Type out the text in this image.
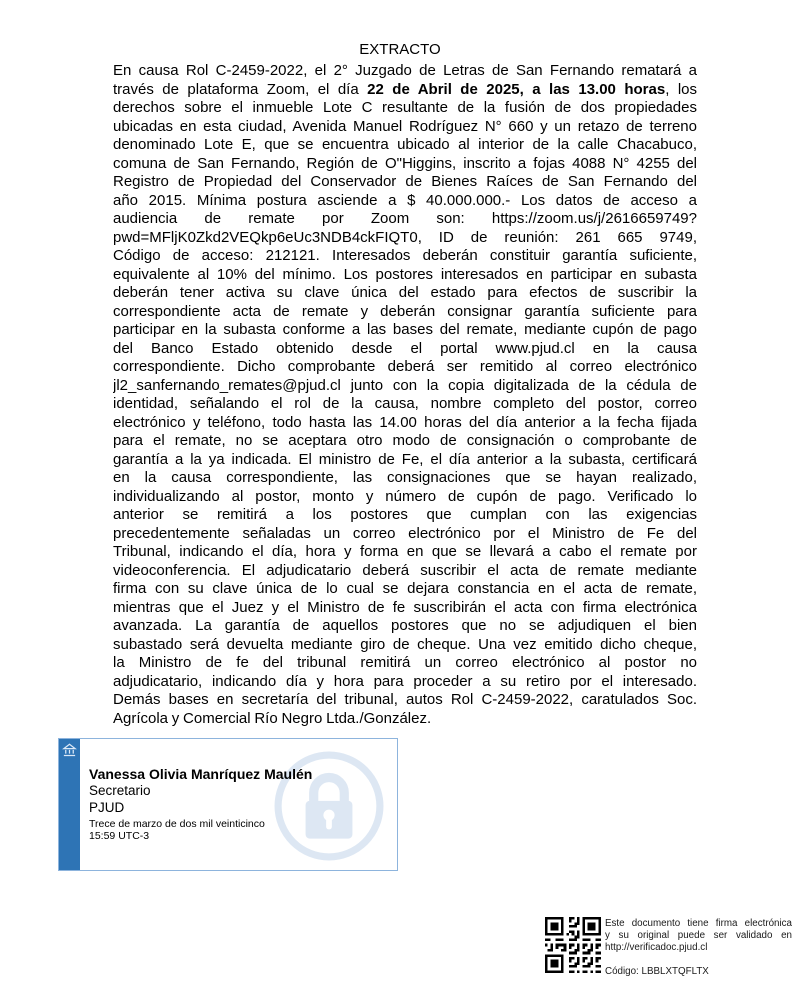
EXTRACTO
En causa Rol C-2459-2022, el 2° Juzgado de Letras de San Fernando rematará a
través de plataforma Zoom, el día 22 de Abril de 2025, a las 13.00 horas, los
derechos sobre el inmueble Lote C resultante de la fusión de dos propiedades
ubicadas en esta ciudad, Avenida Manuel Rodríguez N° 660 y un retazo de terreno
denominado Lote E, que se encuentra ubicado al interior de la calle Chacabuco,
comuna de San Fernando, Región de O"Higgins, inscrito a fojas 4088 N° 4255 del
Registro de Propiedad del Conservador de Bienes Raíces de San Fernando del
año 2015. Mínima postura asciende a $ 40.000.000.- Los datos de acceso a
audiencia de remate por Zoom son: https://zoom.us/j/2616659749?
pwd=MFljK0Zkd2VEQkp6eUc3NDB4ckFIQT0, ID de reunión: 261 665 9749,
Código de acceso: 212121. Interesados deberán constituir garantía suficiente,
equivalente al 10% del mínimo. Los postores interesados en participar en subasta
deberán tener activa su clave única del estado para efectos de suscribir la
correspondiente acta de remate y deberán consignar garantía suficiente para
participar en la subasta conforme a las bases del remate, mediante cupón de pago
del Banco Estado obtenido desde el portal www.pjud.cl en la causa
correspondiente. Dicho comprobante deberá ser remitido al correo electrónico
jl2_sanfernando_remates@pjud.cl junto con la copia digitalizada de la cédula de
identidad, señalando el rol de la causa, nombre completo del postor, correo
electrónico y teléfono, todo hasta las 14.00 horas del día anterior a la fecha fijada
para el remate, no se aceptara otro modo de consignación o comprobante de
garantía a la ya indicada. El ministro de Fe, el día anterior a la subasta, certificará
en la causa correspondiente, las consignaciones que se hayan realizado,
individualizando al postor, monto y número de cupón de pago. Verificado lo
anterior se remitirá a los postores que cumplan con las exigencias
precedentemente señaladas un correo electrónico por el Ministro de Fe del
Tribunal, indicando el día, hora y forma en que se llevará a cabo el remate por
videoconferencia. El adjudicatario deberá suscribir el acta de remate mediante
firma con su clave única de lo cual se dejara constancia en el acta de remate,
mientras que el Juez y el Ministro de fe suscribirán el acta con firma electrónica
avanzada. La garantía de aquellos postores que no se adjudiquen el bien
subastado será devuelta mediante giro de cheque. Una vez emitido dicho cheque,
la Ministro de fe del tribunal remitirá un correo electrónico al postor no
adjudicatario, indicando día y hora para proceder a su retiro por el interesado.
Demás bases en secretaría del tribunal, autos Rol C-2459-2022, caratulados Soc.
Agrícola y Comercial Río Negro Ltda./González.
Vanessa Olivia Manríquez Maulén
Secretario
PJUD
Trece de marzo de dos mil veinticinco
15:59 UTC-3
Este documento tiene firma electrónica
y su original puede ser validado en
http://verificadoc.pjud.cl
Código: LBBLXTQFLTX
